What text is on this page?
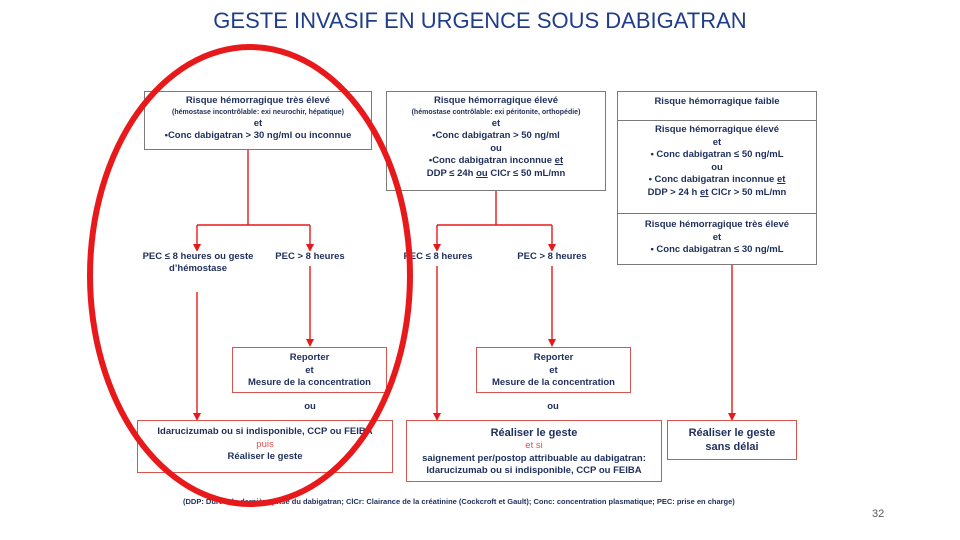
GESTE INVASIF EN URGENCE SOUS DABIGATRAN
Risque hémorragique très élevé
(hémostase incontrôlable: exi neurochir, hépatique)
et
•Conc dabigatran > 30 ng/ml ou inconnue
Risque hémorragique élevé
(hémostase contrôlable: exi péritonite, orthopédie)
et
•Conc dabigatran > 50 ng/ml
ou
•Conc dabigatran inconnue et
DDP ≤ 24h ou ClCr ≤ 50 mL/mn
Risque hémorragique faible
Risque hémorragique élevé
et
• Conc dabigatran ≤ 50 ng/mL
ou
• Conc dabigatran inconnue et
DDP > 24 h et ClCr > 50 mL/mn
Risque hémorragique très élevé
et
• Conc dabigatran ≤ 30 ng/mL
PEC ≤ 8 heures ou geste d’hémostase
PEC > 8 heures	PEC ≤ 8 heures	PEC > 8 heures
Reporter
et
Mesure de la concentration
Reporter
et
Mesure de la concentration
ou	ou
Idarucizumab ou si indisponible, CCP ou FEIBA
puis
Réaliser le geste
Réaliser le geste
et si
saignement per/postop attribuable au dabigatran:
Idarucizumab ou si indisponible, CCP ou FEIBA
Réaliser le geste
sans délai
(DDP: Durée de dernière prise du dabigatran; ClCr: Clairance de la créatinine (Cockcroft et Gault); Conc: concentration plasmatique; PEC: prise en charge)
32
